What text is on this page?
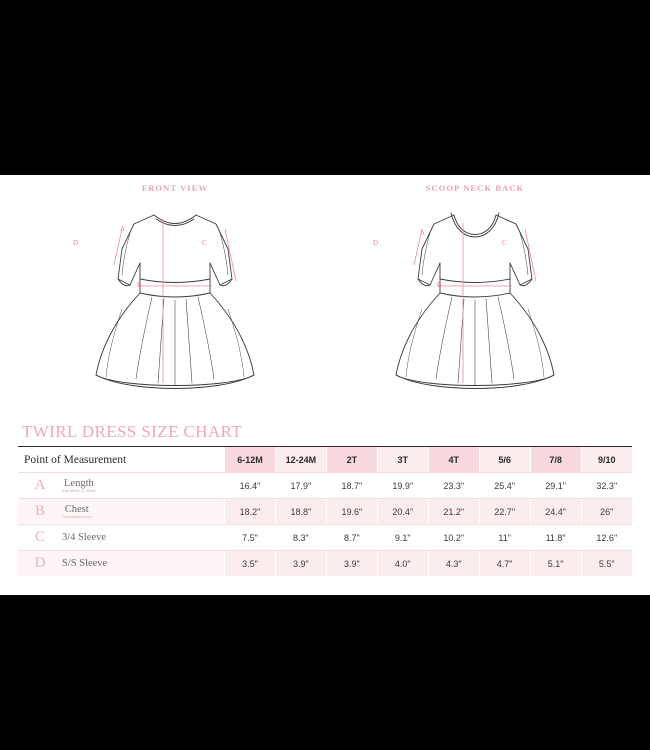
FRONT VIEW
A
B
C
D
SCOOP NECK BACK
A
B
C
D
TWIRL DRESS SIZE CHART
Point of Measurement	6-12M	12-24M	2T	3T	4T	5/6	7/8	9/10

A Length
Shoulder to Hem	16.4"	17.9"	18.7"	19.9"	23.3"	25.4"	29.1"	32.3"

B Chest
Circumference	18.2"	18.8"	19.6"	20.4"	21.2"	22.7"	24.4"	26"

C 3/4 Sleeve	7.5"	8.3"	8.7"	9.1"	10.2"	11"	11.8"	12.6"

D S/S Sleeve	3.5"	3.9"	3.9"	4.0"	4.3"	4.7"	5.1"	5.5"
